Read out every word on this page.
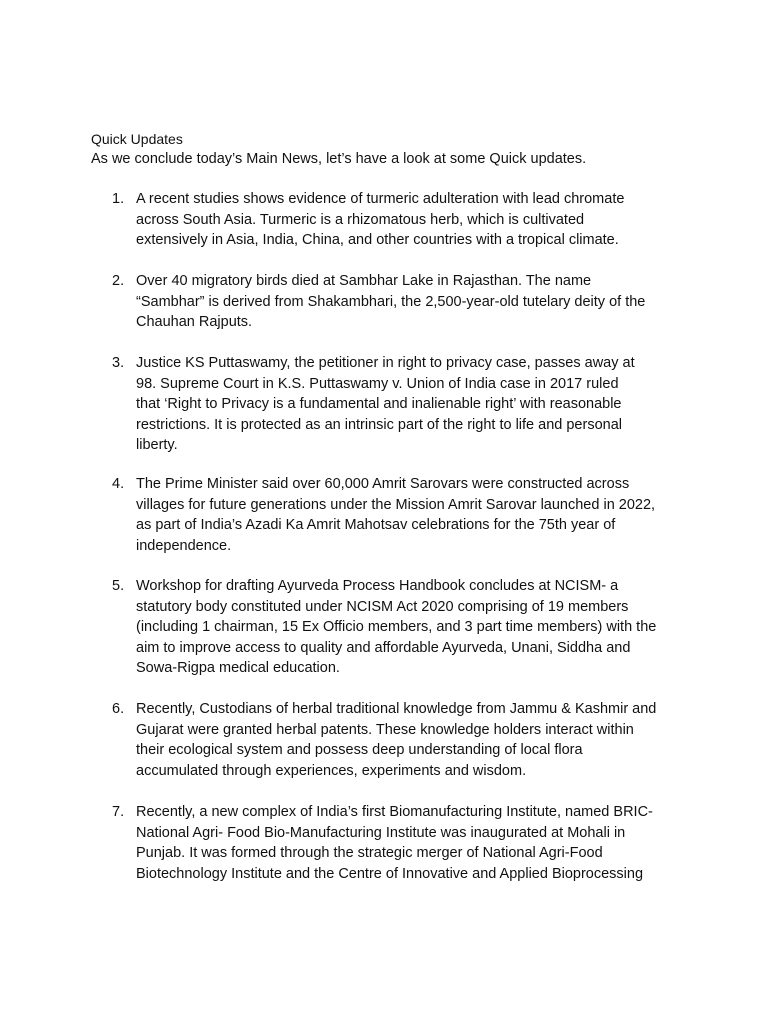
Quick Updates
As we conclude today’s Main News, let’s have a look at some Quick updates.
1. A recent studies shows evidence of turmeric adulteration with lead chromate
across South Asia. Turmeric is a rhizomatous herb, which is cultivated
extensively in Asia, India, China, and other countries with a tropical climate.
2. Over 40 migratory birds died at Sambhar Lake in Rajasthan. The name
“Sambhar” is derived from Shakambhari, the 2,500-year-old tutelary deity of the
Chauhan Rajputs.
3. Justice KS Puttaswamy, the petitioner in right to privacy case, passes away at
98. Supreme Court in K.S. Puttaswamy v. Union of India case in 2017 ruled
that ‘Right to Privacy is a fundamental and inalienable right’ with reasonable
restrictions. It is protected as an intrinsic part of the right to life and personal
liberty.
4. The Prime Minister said over 60,000 Amrit Sarovars were constructed across
villages for future generations under the Mission Amrit Sarovar launched in 2022,
as part of India’s Azadi Ka Amrit Mahotsav celebrations for the 75th year of
independence.
5. Workshop for drafting Ayurveda Process Handbook concludes at NCISM- a
statutory body constituted under NCISM Act 2020 comprising of 19 members
(including 1 chairman, 15 Ex Officio members, and 3 part time members) with the
aim to improve access to quality and affordable Ayurveda, Unani, Siddha and
Sowa-Rigpa medical education.
6. Recently, Custodians of herbal traditional knowledge from Jammu & Kashmir and
Gujarat were granted herbal patents. These knowledge holders interact within
their ecological system and possess deep understanding of local flora
accumulated through experiences, experiments and wisdom.
7. Recently, a new complex of India’s first Biomanufacturing Institute, named BRIC-
National Agri- Food Bio-Manufacturing Institute was inaugurated at Mohali in
Punjab. It was formed through the strategic merger of National Agri-Food
Biotechnology Institute and the Centre of Innovative and Applied Bioprocessing
